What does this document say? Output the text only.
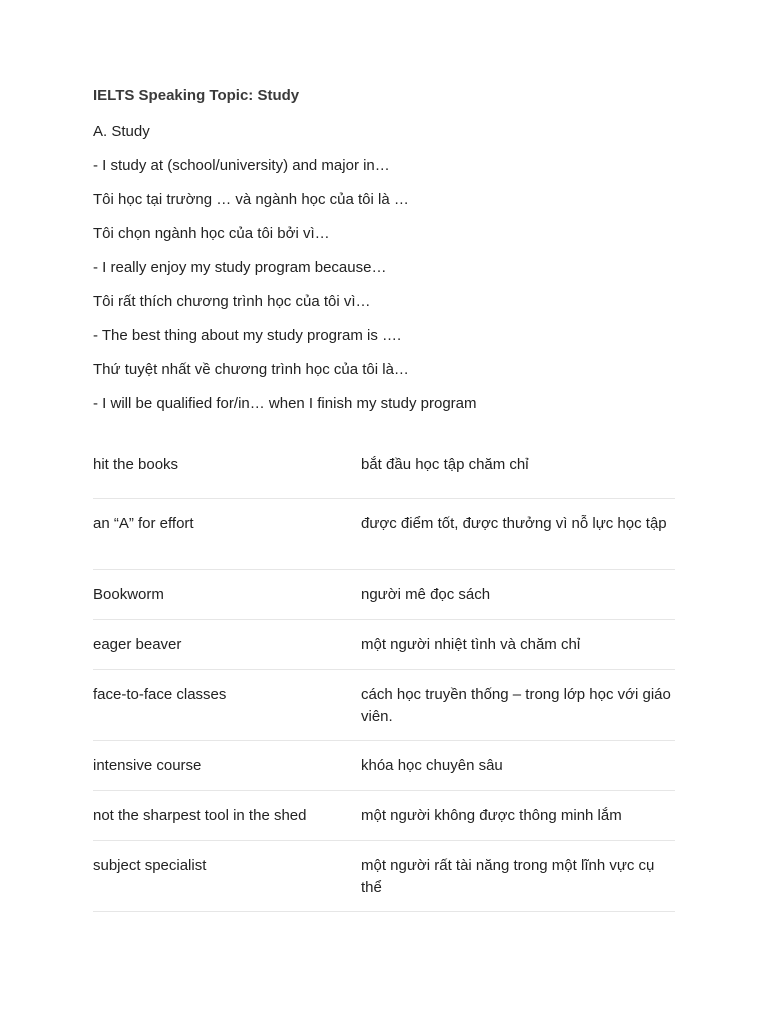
IELTS Speaking Topic: Study

A. Study

- I study at (school/university) and major in…

Tôi học tại trường … và ngành học của tôi là …

Tôi chọn ngành học của tôi bởi vì…

- I really enjoy my study program because…

Tôi rất thích chương trình học của tôi vì…

- The best thing about my study program is ….

Thứ tuyệt nhất về chương trình học của tôi là…

- I will be qualified for/in… when I finish my study program

hit the books	bắt đầu học tập chăm chỉ
an “A” for effort	được điểm tốt, được thưởng vì nỗ lực học tập
Bookworm	người mê đọc sách
eager beaver	một người nhiệt tình và chăm chỉ
face-to-face classes	cách học truyền thống – trong lớp học với giáo viên.
intensive course	khóa học chuyên sâu
not the sharpest tool in the shed	một người không được thông minh lắm
subject specialist	một người rất tài năng trong một lĩnh vực cụ thể
